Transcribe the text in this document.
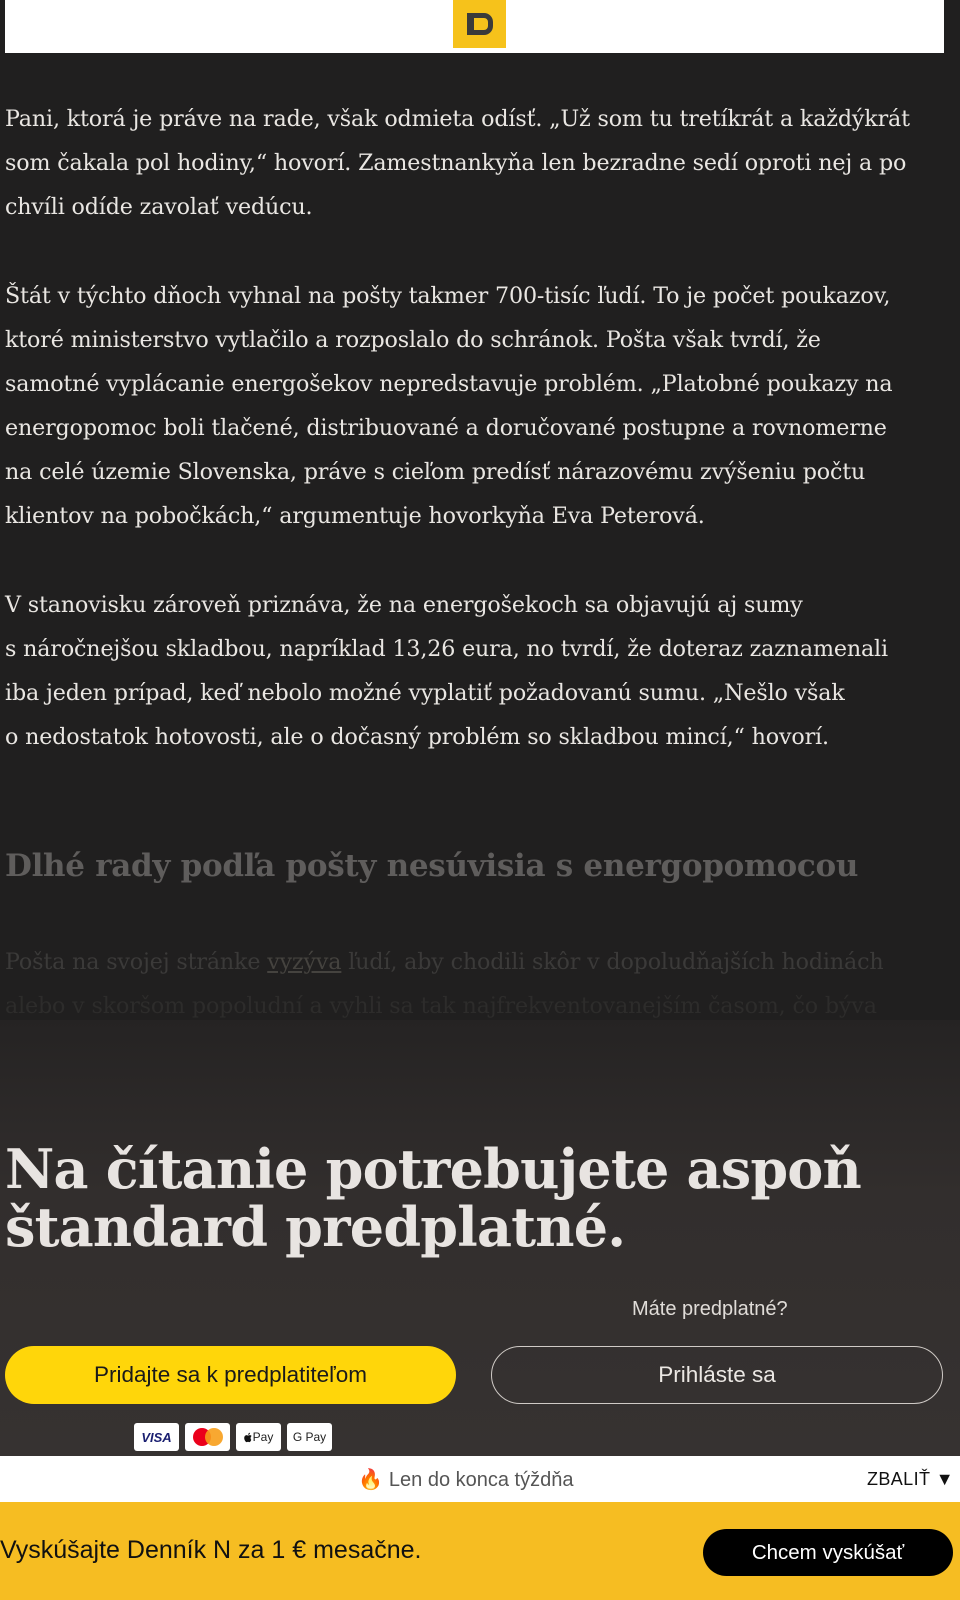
Pani, ktorá je práve na rade, však odmieta odísť. „Už som tu tretíkrát a každýkrát
som čakala pol hodiny,“ hovorí. Zamestnankyňa len bezradne sedí oproti nej a po
chvíli odíde zavolať vedúcu.
Štát v týchto dňoch vyhnal na pošty takmer 700-tisíc ľudí. To je počet poukazov,
ktoré ministerstvo vytlačilo a rozposlalo do schránok. Pošta však tvrdí, že
samotné vyplácanie energošekov nepredstavuje problém. „Platobné poukazy na
energopomoc boli tlačené, distribuované a doručované postupne a rovnomerne
na celé územie Slovenska, práve s cieľom predísť nárazovému zvýšeniu počtu
klientov na pobočkách,“ argumentuje hovorkyňa Eva Peterová.
V stanovisku zároveň priznáva, že na energošekoch sa objavujú aj sumy
s náročnejšou skladbou, napríklad 13,26 eura, no tvrdí, že doteraz zaznamenali
iba jeden prípad, keď nebolo možné vyplatiť požadovanú sumu. „Nešlo však
o nedostatok hotovosti, ale o dočasný problém so skladbou mincí,“ hovorí.
Dlhé rady podľa pošty nesúvisia s energopomocou
Pošta na svojej stránke vyzýva ľudí, aby chodili skôr v dopoludňajších hodinách
alebo v skoršom popoludní a vyhli sa tak najfrekventovanejším časom, čo býva
Na čítanie potrebujete aspoň
štandard predplatné.
Máte predplatné?
Pridajte sa k predplatiteľom	Prihláste sa
VISA	Pay	G Pay
🔥 Len do konca týždňa	ZBALIŤ ▼
Vyskúšajte Denník N za 1 € mesačne.	Chcem vyskúšať
